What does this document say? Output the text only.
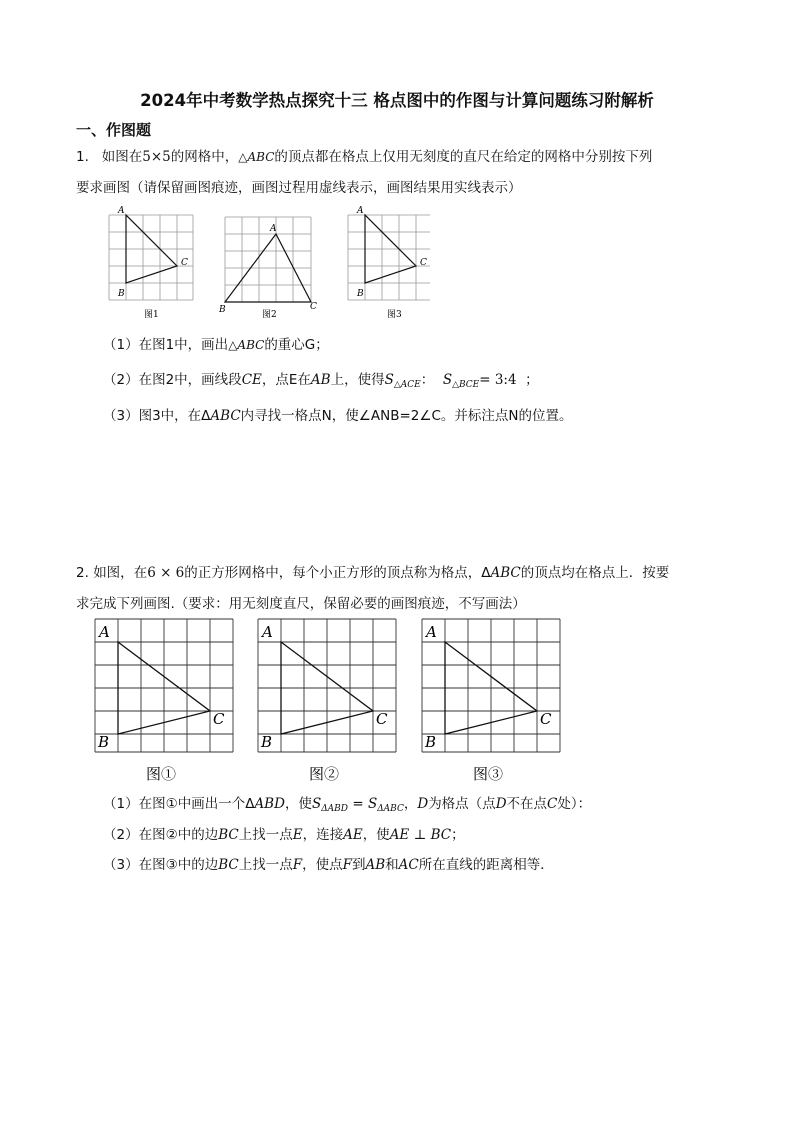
2024年中考数学热点探究十三 格点图中的作图与计算问题练习附解析
一、作图题
1. 如图在5×5的网格中，△ABC的顶点都在格点上仅用无刻度的直尺在给定的网格中分别按下列
要求画图（请保留画图痕迹，画图过程用虚线表示，画图结果用实线表示）
A
B
C
图1
A
B	C
图2
A
B
C
图3
（1）在图1中，画出△ABC的重心G；
（2）在图2中，画线段CE，点E在AB上，使得$S_{\triangle ACE}$： $S_{\triangle BCE}=$ 3:4 ；
（3）图3中，在ΔABC内寻找一格点N，使∠ANB=2∠C。并标注点N的位置。
2. 如图，在6 × 6的正方形网格中，每个小正方形的顶点称为格点，ΔABC的顶点均在格点上．按要
求完成下列画图.（要求：用无刻度直尺，保留必要的画图痕迹，不写画法）
A
B
C
图①
A
B
C
图②
A
B
C
图③
（1）在图①中画出一个ΔABD，使$S_{\Delta ABD} = S_{\Delta ABC}$，D为格点（点D不在点C处）：
（2）在图②中的边BC上找一点E，连接AE，使AE ⊥ BC；
（3）在图③中的边BC上找一点F，使点F到AB和AC所在直线的距离相等．
